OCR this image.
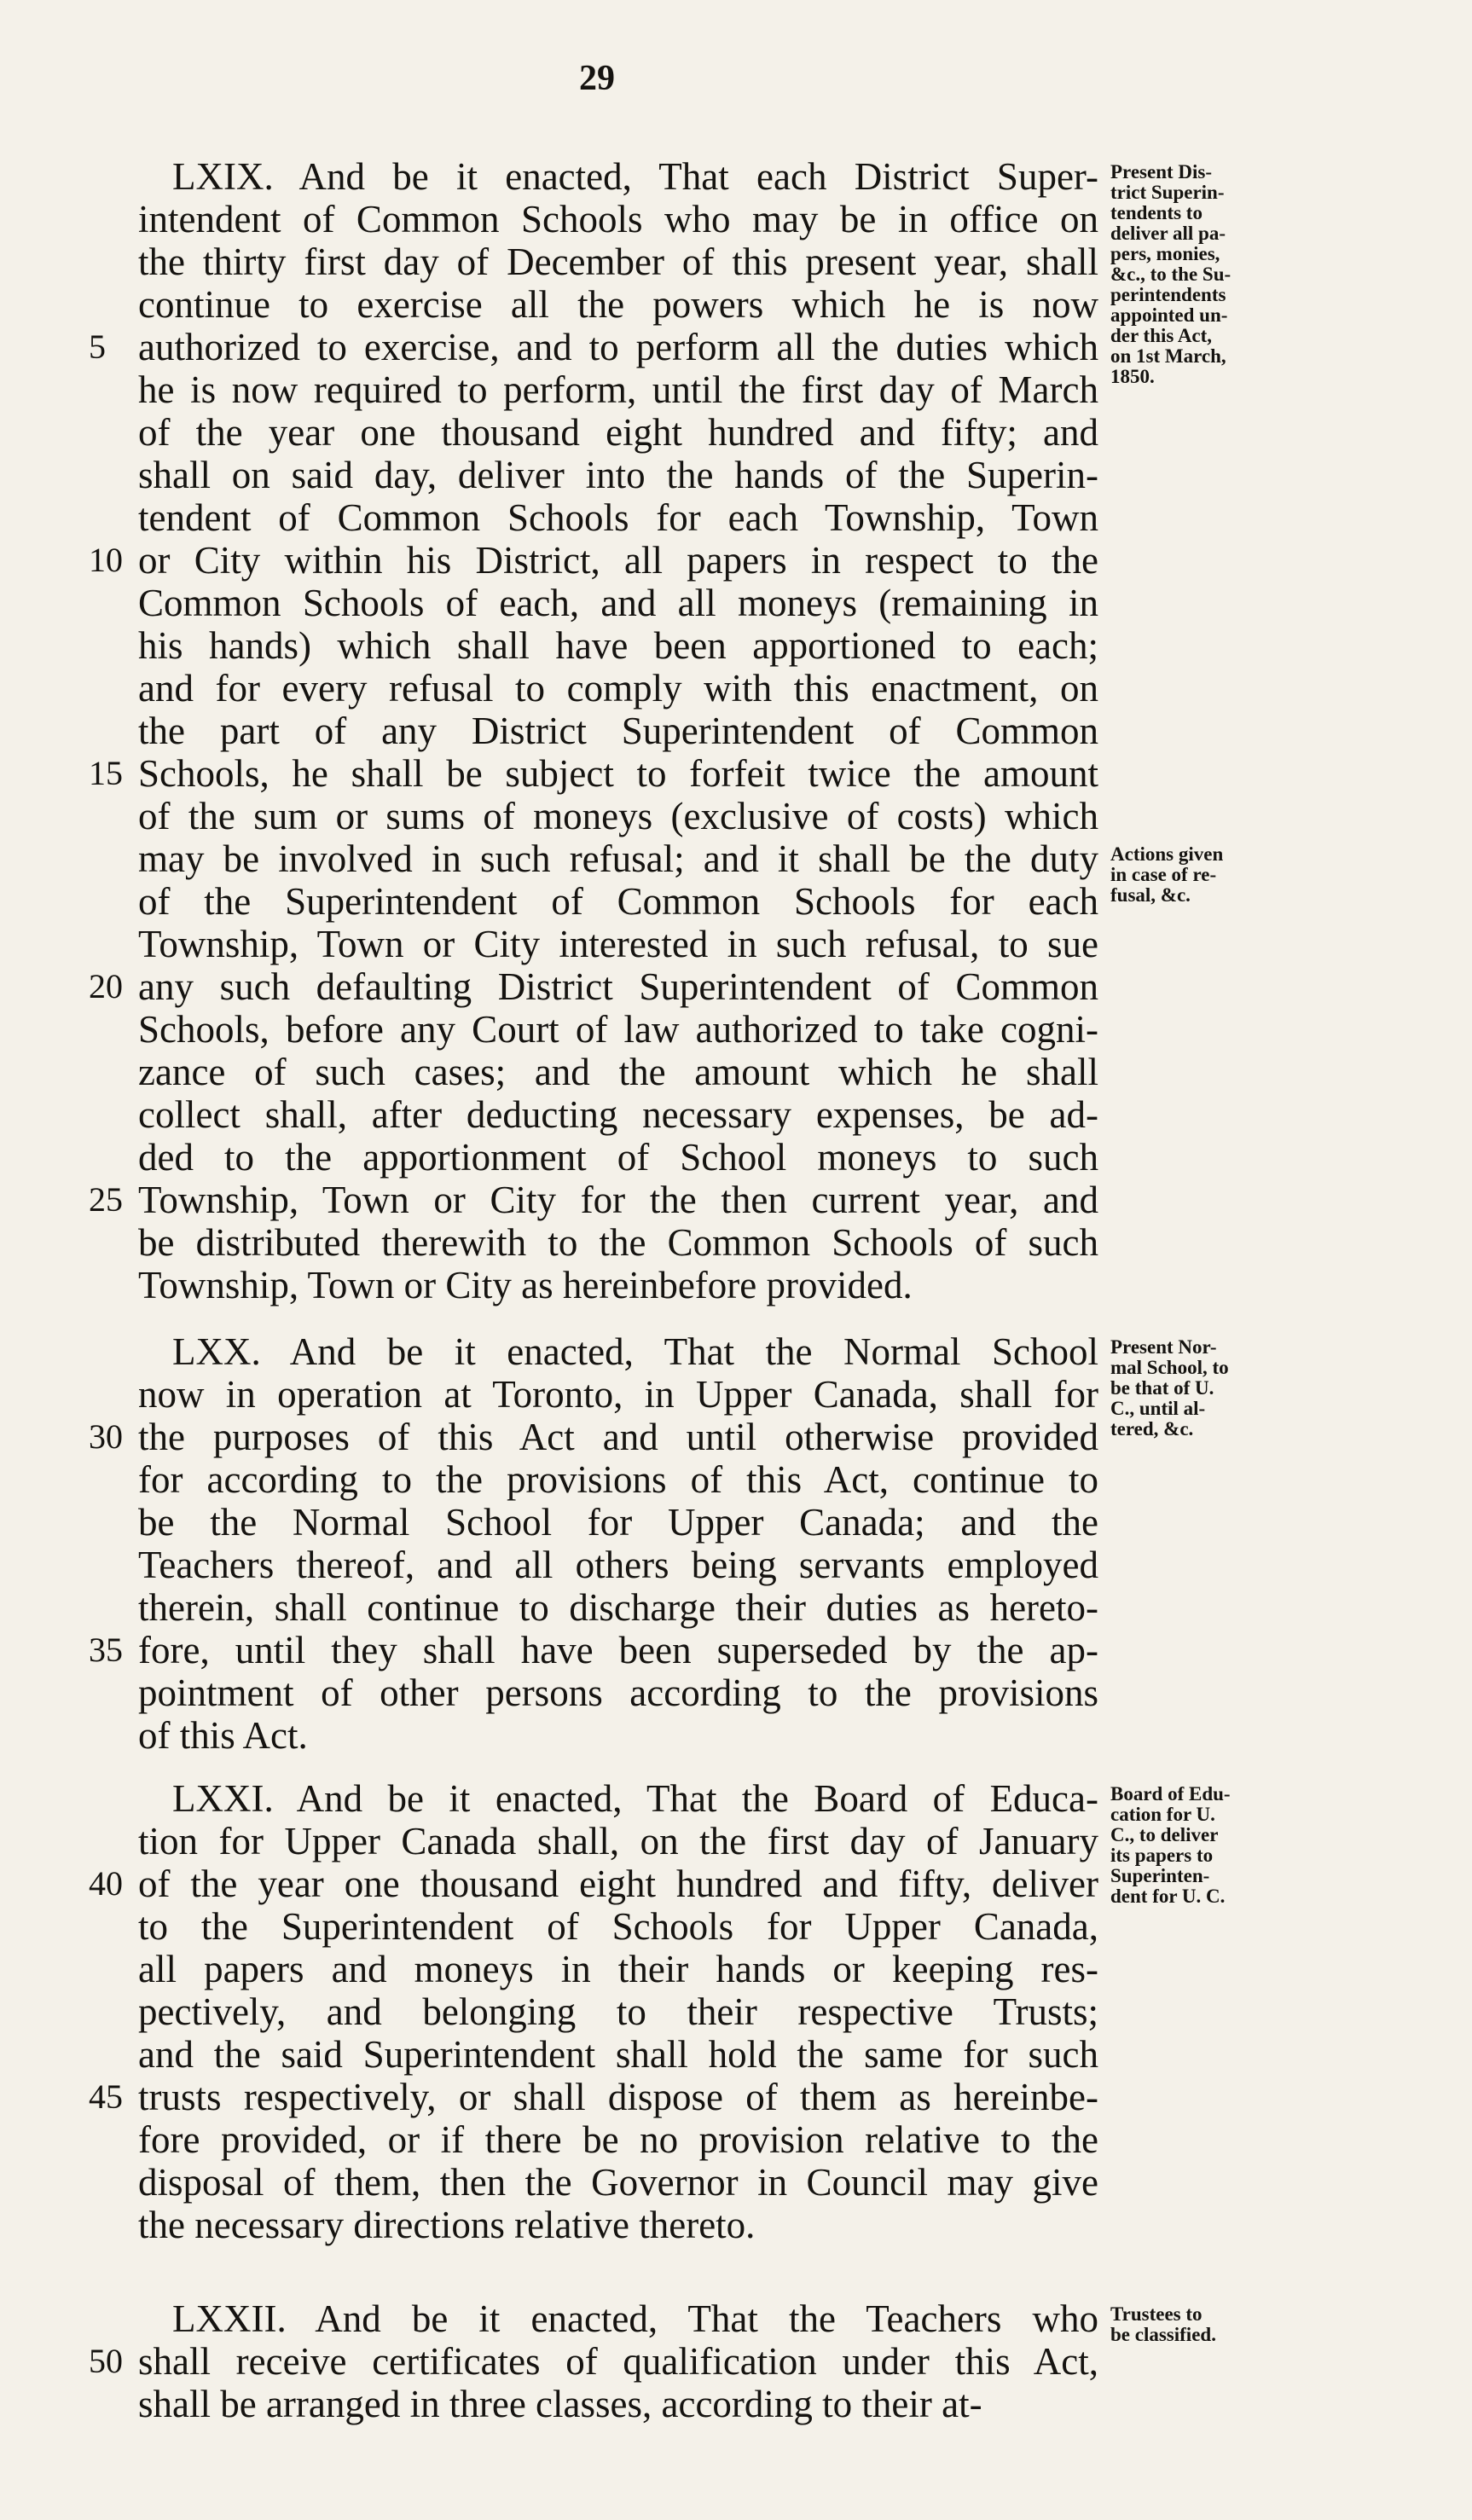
29
LXIX. And be it enacted, That each District Super-
intendent of Common Schools who may be in office on
the thirty first day of December of this present year, shall
continue to exercise all the powers which he is now
authorized to exercise, and to perform all the duties which
he is now required to perform, until the first day of March
of the year one thousand eight hundred and fifty; and
shall on said day, deliver into the hands of the Superin-
tendent of Common Schools for each Township, Town
or City within his District, all papers in respect to the
Common Schools of each, and all moneys (remaining in
his hands) which shall have been apportioned to each;
and for every refusal to comply with this enactment, on
the part of any District Superintendent of Common
Schools, he shall be subject to forfeit twice the amount
of the sum or sums of moneys (exclusive of costs) which
may be involved in such refusal; and it shall be the duty
of the Superintendent of Common Schools for each
Township, Town or City interested in such refusal, to sue
any such defaulting District Superintendent of Common
Schools, before any Court of law authorized to take cogni-
zance of such cases; and the amount which he shall
collect shall, after deducting necessary expenses, be ad-
ded to the apportionment of School moneys to such
Township, Town or City for the then current year, and
be distributed therewith to the Common Schools of such
Township, Town or City as hereinbefore provided.
5
10
15
20
25
Present Dis-
trict Superin-
tendents to
deliver all pa-
pers, monies,
&c., to the Su-
perintendents
appointed un-
der this Act,
on 1st March,
1850.
Actions given
in case of re-
fusal, &c.
LXX. And be it enacted, That the Normal School
now in operation at Toronto, in Upper Canada, shall for
the purposes of this Act and until otherwise provided
for according to the provisions of this Act, continue to
be the Normal School for Upper Canada; and the
Teachers thereof, and all others being servants employed
therein, shall continue to discharge their duties as hereto-
fore, until they shall have been superseded by the ap-
pointment of other persons according to the provisions
of this Act.
30
35
Present Nor-
mal School, to
be that of U.
C., until al-
tered, &c.
LXXI. And be it enacted, That the Board of Educa-
tion for Upper Canada shall, on the first day of January
of the year one thousand eight hundred and fifty, deliver
to the Superintendent of Schools for Upper Canada,
all papers and moneys in their hands or keeping res-
pectively, and belonging to their respective Trusts;
and the said Superintendent shall hold the same for such
trusts respectively, or shall dispose of them as hereinbe-
fore provided, or if there be no provision relative to the
disposal of them, then the Governor in Council may give
the necessary directions relative thereto.
40
45
Board of Edu-
cation for U.
C., to deliver
its papers to
Superinten-
dent for U. C.
LXXII. And be it enacted, That the Teachers who
shall receive certificates of qualification under this Act,
shall be arranged in three classes, according to their at-
50
Trustees to
be classified.
